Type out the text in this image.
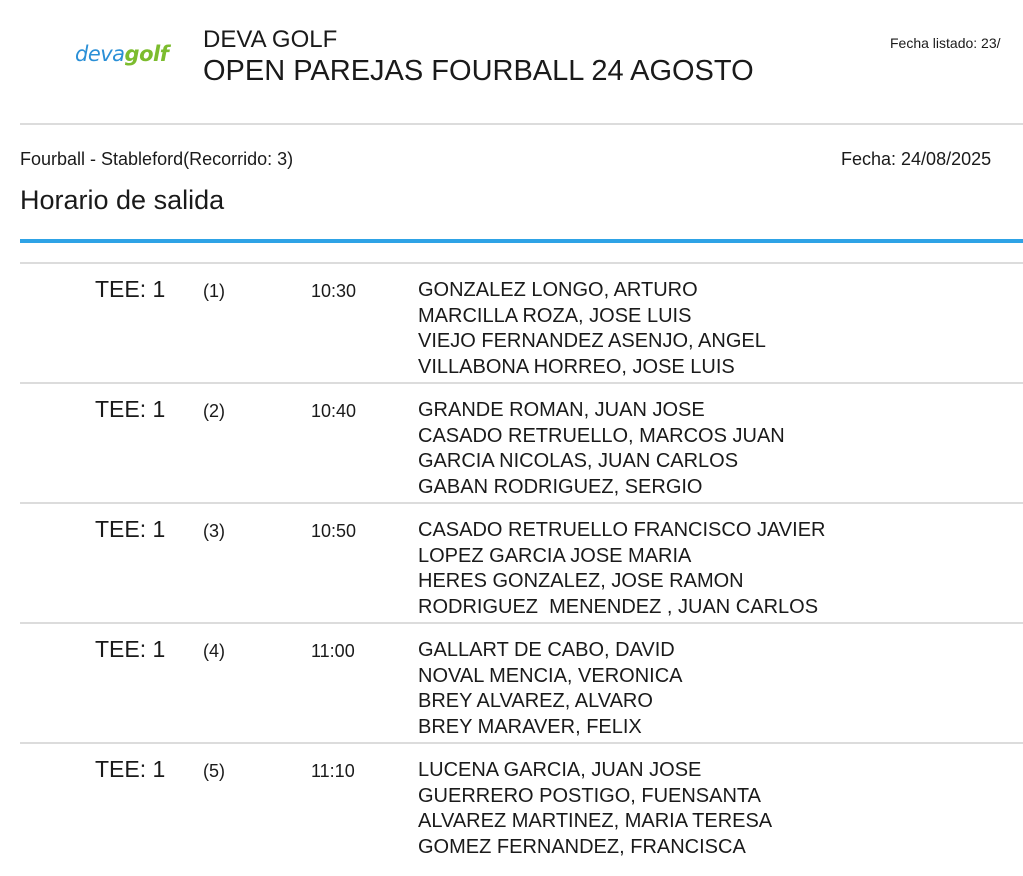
devagolf
DEVA GOLF
OPEN PAREJAS FOURBALL 24 AGOSTO
Fecha listado: 23/
Fourball - Stableford(Recorrido: 3)	Fecha: 24/08/2025
Horario de salida
TEE: 1 (1)	10:30	GONZALEZ LONGO, ARTURO
MARCILLA ROZA, JOSE LUIS
VIEJO FERNANDEZ ASENJO, ANGEL
VILLABONA HORREO, JOSE LUIS
TEE: 1 (2)	10:40	GRANDE ROMAN, JUAN JOSE
CASADO RETRUELLO, MARCOS JUAN
GARCIA NICOLAS, JUAN CARLOS
GABAN RODRIGUEZ, SERGIO
TEE: 1 (3)	10:50	CASADO RETRUELLO FRANCISCO JAVIER
LOPEZ GARCIA JOSE MARIA
HERES GONZALEZ, JOSE RAMON
RODRIGUEZ  MENENDEZ , JUAN CARLOS
TEE: 1 (4)	11:00	GALLART DE CABO, DAVID
NOVAL MENCIA, VERONICA
BREY ALVAREZ, ALVARO
BREY MARAVER, FELIX
TEE: 1 (5)	11:10	LUCENA GARCIA, JUAN JOSE
GUERRERO POSTIGO, FUENSANTA
ALVAREZ MARTINEZ, MARIA TERESA
GOMEZ FERNANDEZ, FRANCISCA
